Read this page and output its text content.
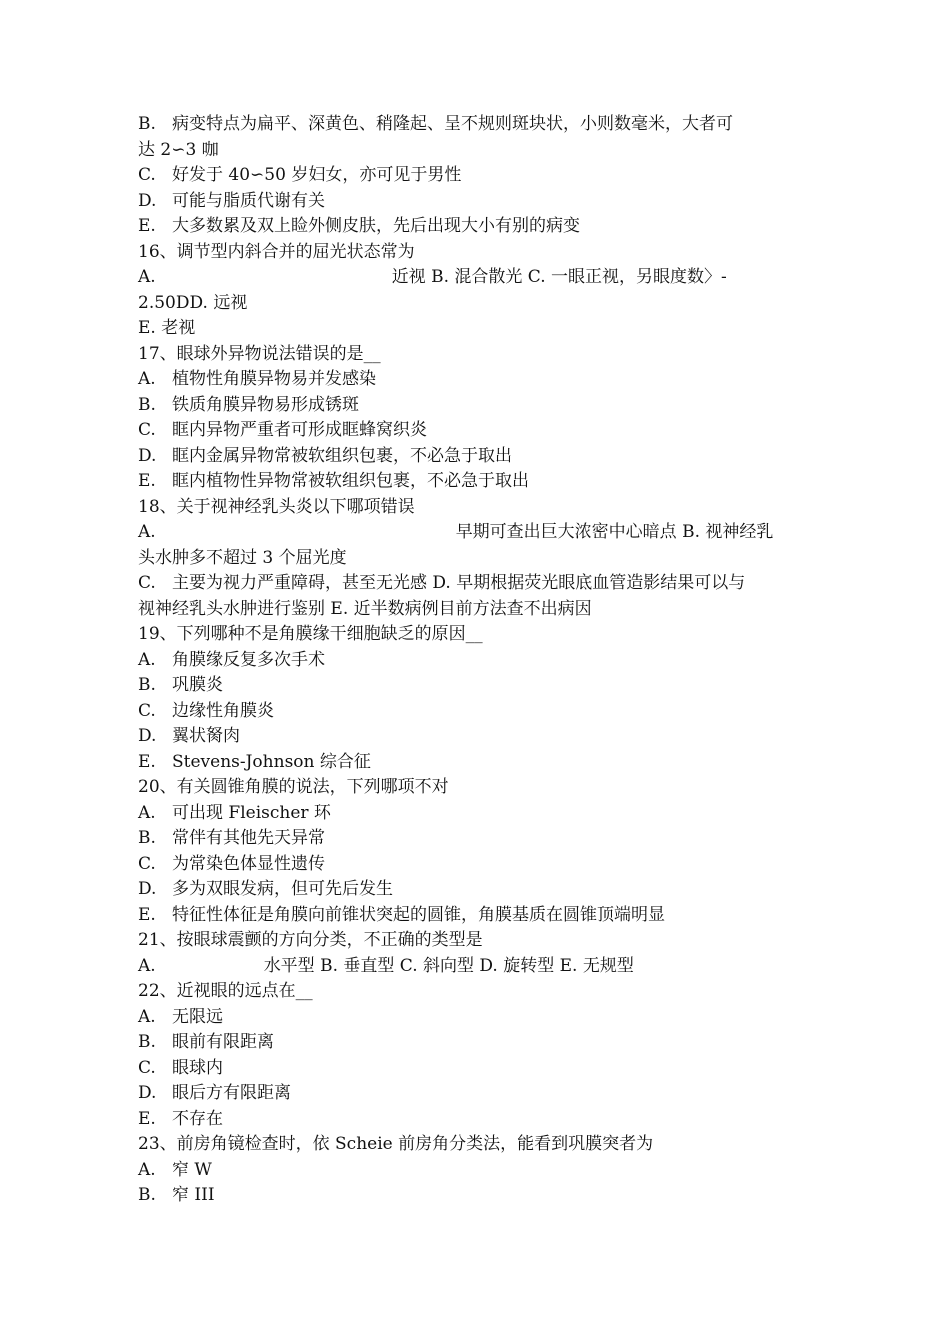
B. 病变特点为扁平、深黄色、稍隆起、呈不规则斑块状，小则数毫米，大者可
达 2∽3 咖
C. 好发于 40∽50 岁妇女，亦可见于男性
D. 可能与脂质代谢有关
E. 大多数累及双上睑外侧皮肤，先后出现大小有别的病变
16、调节型内斜合并的屈光状态常为
A.	近视 B. 混合散光 C. 一眼正视，另眼度数〉-
2.50DD. 远视
E. 老视
17、眼球外异物说法错误的是__
A. 植物性角膜异物易并发感染
B. 铁质角膜异物易形成锈斑
C. 眶内异物严重者可形成眶蜂窝织炎
D. 眶内金属异物常被软组织包裹，不必急于取出
E. 眶内植物性异物常被软组织包裹，不必急于取出
18、关于视神经乳头炎以下哪项错误
A.	早期可查出巨大浓密中心暗点 B. 视神经乳
头水肿多不超过 3 个屈光度
C. 主要为视力严重障碍，甚至无光感 D. 早期根据荧光眼底血管造影结果可以与
视神经乳头水肿进行鉴别 E. 近半数病例目前方法查不出病因
19、下列哪种不是角膜缘干细胞缺乏的原因__
A. 角膜缘反复多次手术
B. 巩膜炎
C. 边缘性角膜炎
D. 翼状胬肉
E. Stevens-Johnson 综合征
20、有关圆锥角膜的说法，下列哪项不对
A. 可出现 Fleischer 环
B. 常伴有其他先天异常
C. 为常染色体显性遗传
D. 多为双眼发病，但可先后发生
E. 特征性体征是角膜向前锥状突起的圆锥，角膜基质在圆锥顶端明显
21、按眼球震颤的方向分类，不正确的类型是
A.	水平型 B. 垂直型 C. 斜向型 D. 旋转型 E. 无规型
22、近视眼的远点在__
A. 无限远
B. 眼前有限距离
C. 眼球内
D. 眼后方有限距离
E. 不存在
23、前房角镜检查时，依 Scheie 前房角分类法，能看到巩膜突者为
A. 窄 W
B. 窄 III
